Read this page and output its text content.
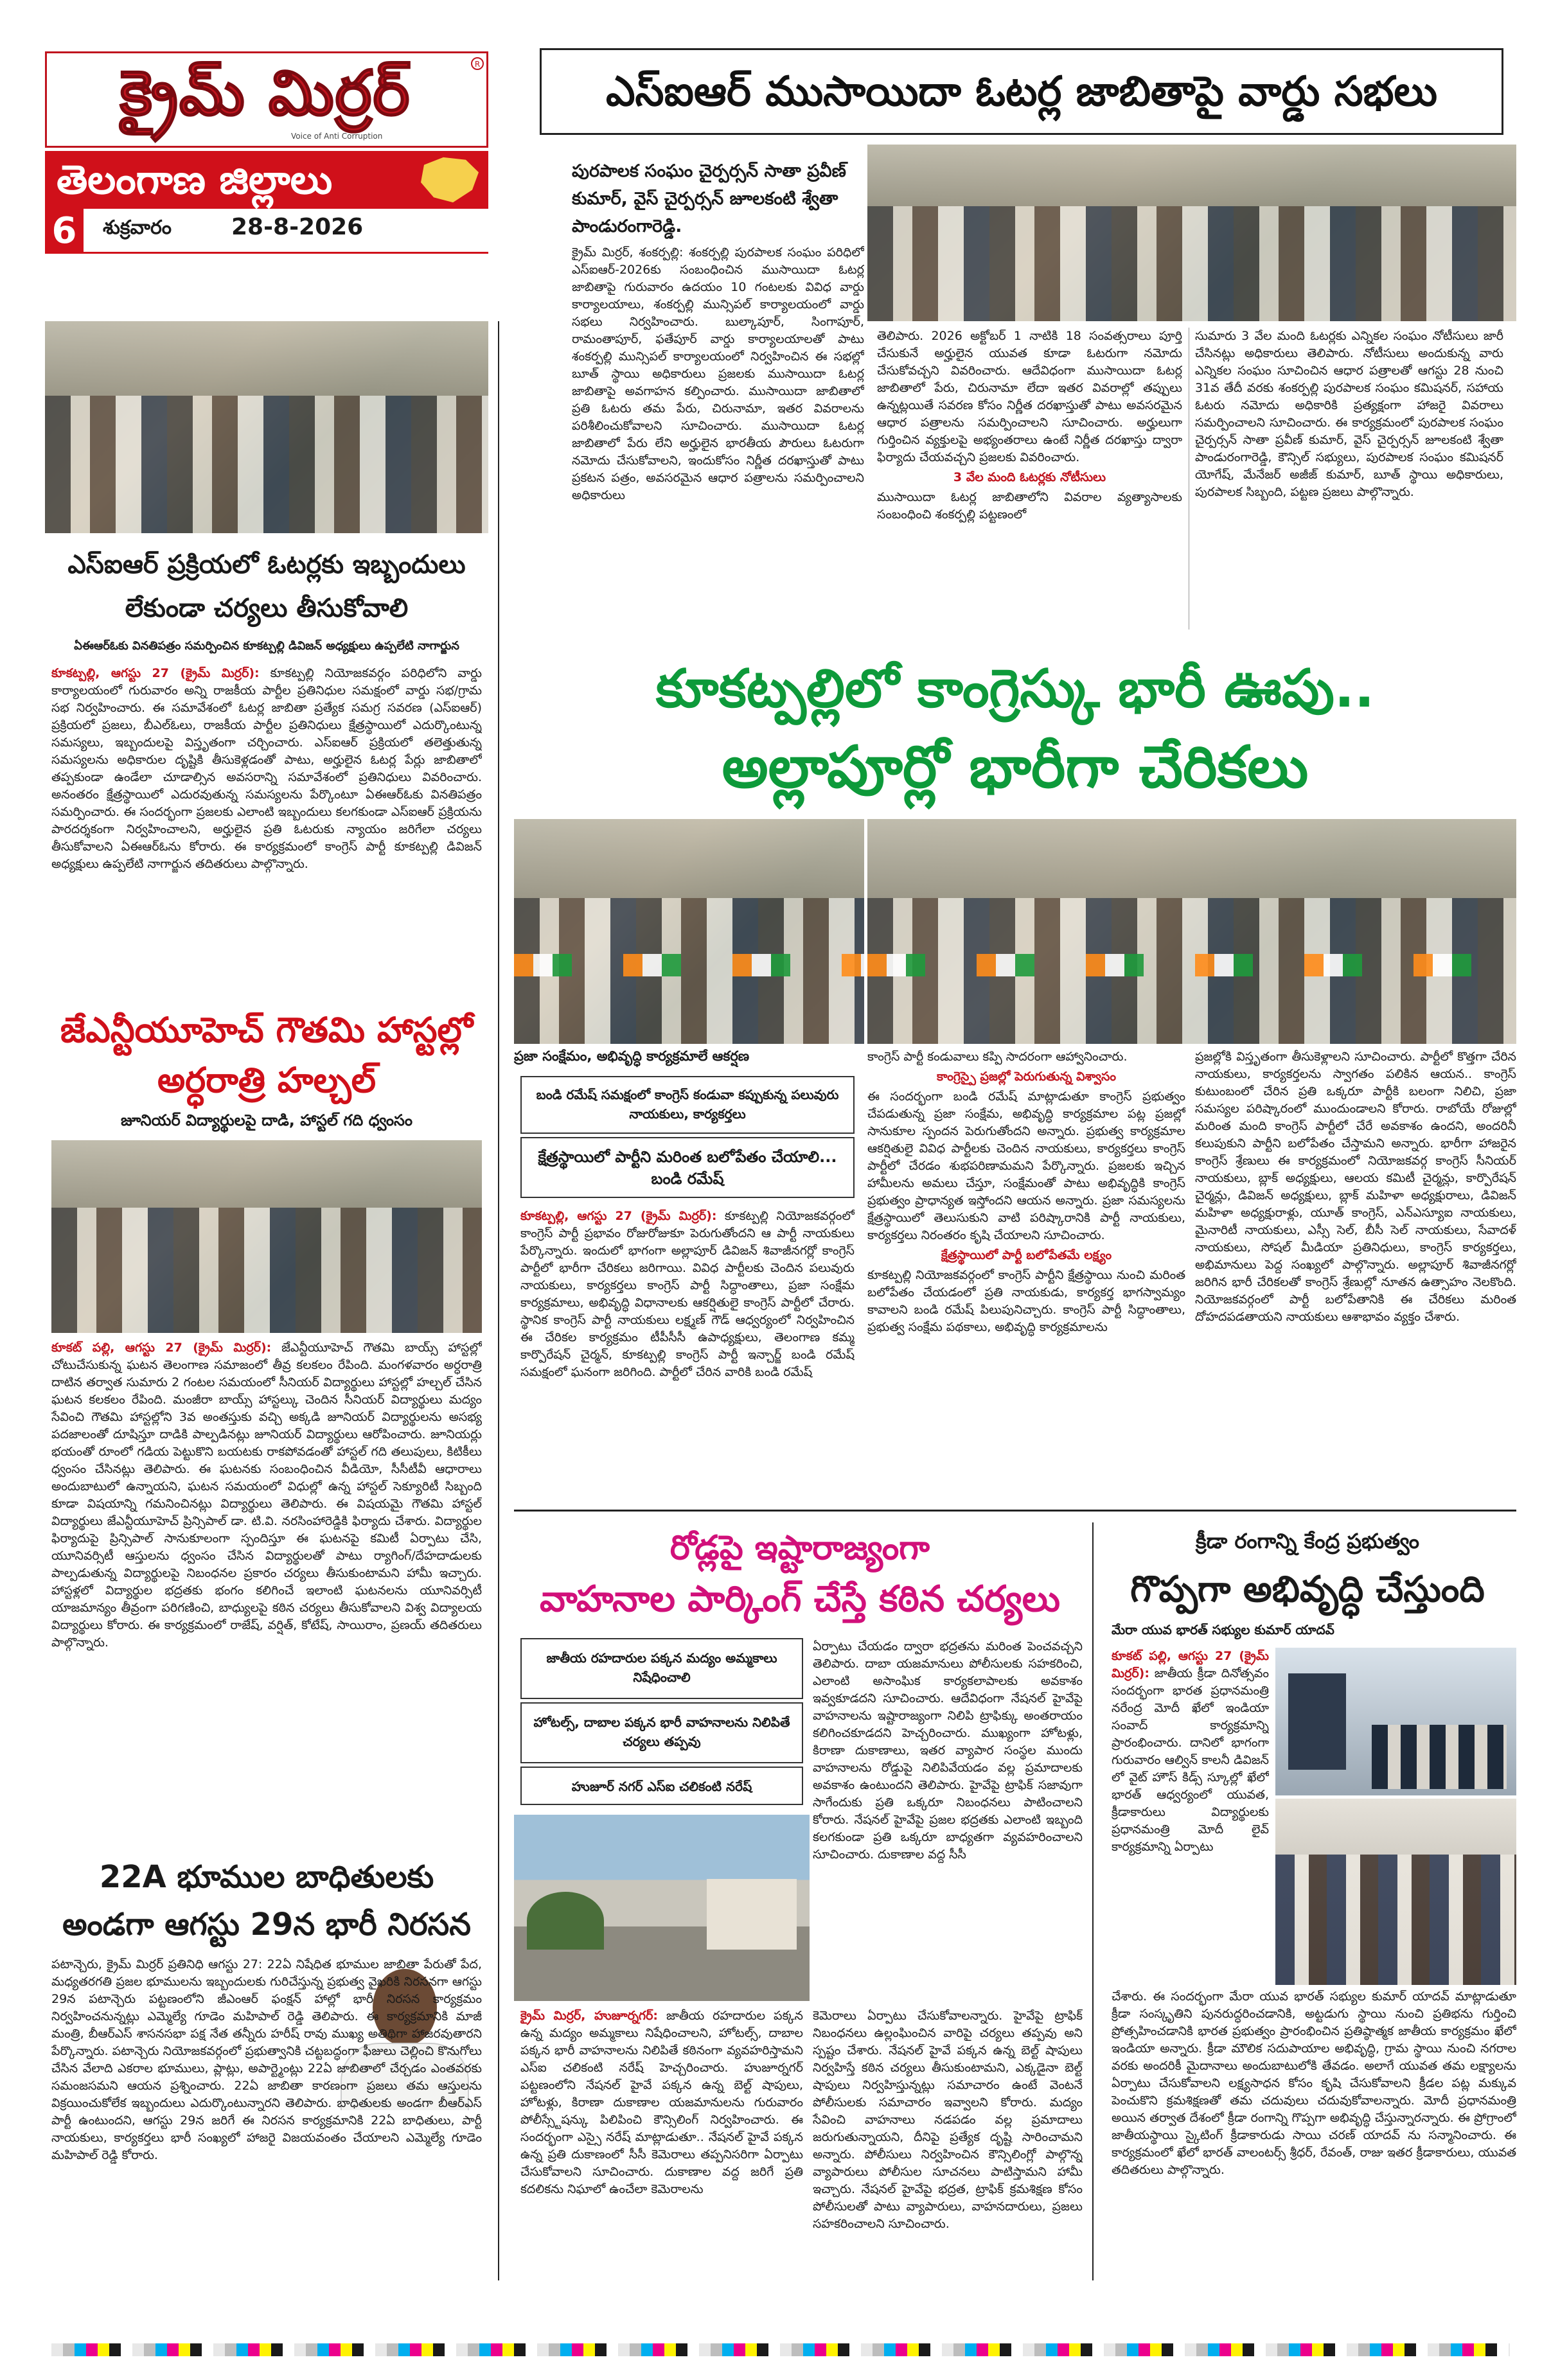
క్రైమ్ మిర్రర్	R
Voice of Anti Corruption
తెలంగాణ జిల్లాలు
6	శుక్రవారం	28-8-2026
ఎస్ఐఆర్ ముసాయిదా ఓటర్ల జాబితాపై వార్డు సభలు
పురపాలక సంఘం చైర్పర్సన్ సాతా ప్రవీణ్ కుమార్, వైస్ చైర్పర్సన్ జూలకంటి శ్వేతా పాండురంగారెడ్డి.
క్రైమ్ మిర్రర్, శంకర్పల్లి: శంకర్పల్లి పురపాలక సంఘం పరిధిలో ఎస్ఐఆర్-2026కు సంబంధించిన ముసాయిదా ఓటర్ల జాబితాపై గురువారం ఉదయం 10 గంటలకు వివిధ వార్డు కార్యాలయాలు, శంకర్పల్లి మున్సిపల్ కార్యాలయంలో వార్డు సభలు నిర్వహించారు. బుల్కాపూర్, సింగాపూర్, రామంతాపూర్, ఫతేపూర్ వార్డు కార్యాలయాలతో పాటు శంకర్పల్లి మున్సిపల్ కార్యాలయంలో నిర్వహించిన ఈ సభల్లో బూత్ స్థాయి అధికారులు ప్రజలకు ముసాయిదా ఓటర్ల జాబితాపై అవగాహన కల్పించారు. ముసాయిదా జాబితాలో ప్రతి ఓటరు తమ పేరు, చిరునామా, ఇతర వివరాలను పరిశీలించుకోవాలని సూచించారు. ముసాయిదా ఓటర్ల జాబితాలో పేరు లేని అర్హులైన భారతీయ పౌరులు ఓటరుగా నమోదు చేసుకోవాలని, ఇందుకోసం నిర్ణీత దరఖాస్తుతో పాటు ప్రకటన పత్రం, అవసరమైన ఆధార పత్రాలను సమర్పించాలని అధికారులు

తెలిపారు. 2026 అక్టోబర్ 1 నాటికి 18 సంవత్సరాలు పూర్తి చేసుకునే అర్హులైన యువత కూడా ఓటరుగా నమోదు చేసుకోవచ్చని వివరించారు. ఆదేవిధంగా ముసాయిదా ఓటర్ల జాబితాలో పేరు, చిరునామా లేదా ఇతర వివరాల్లో తప్పులు ఉన్నట్లయితే సవరణ కోసం నిర్ణీత దరఖాస్తుతో పాటు అవసరమైన ఆధార పత్రాలను సమర్పించాలని సూచించారు. అర్హులుగా గుర్తించిన వ్యక్తులపై అభ్యంతరాలు ఉంటే నిర్ణీత దరఖాస్తు ద్వారా ఫిర్యాదు చేయవచ్చని ప్రజలకు వివరించారు.

3 వేల మంది ఓటర్లకు నోటీసులు

ముసాయిదా ఓటర్ల జాబితాలోని వివరాల వ్యత్యాసాలకు సంబంధించి శంకర్పల్లి పట్టణంలో

సుమారు 3 వేల మంది ఓటర్లకు ఎన్నికల సంఘం నోటీసులు జారీ చేసినట్లు అధికారులు తెలిపారు. నోటీసులు అందుకున్న వారు ఎన్నికల సంఘం సూచించిన ఆధార పత్రాలతో ఆగస్టు 28 నుంచి 31వ తేదీ వరకు శంకర్పల్లి పురపాలక సంఘం కమిషనర్, సహాయ ఓటరు నమోదు అధికారికి ప్రత్యక్షంగా హాజరై వివరాలు సమర్పించాలని సూచించారు. ఈ కార్యక్రమంలో పురపాలక సంఘం చైర్పర్సన్ సాతా ప్రవీణ్ కుమార్, వైస్ చైర్పర్సన్ జూలకంటి శ్వేతా పాండురంగారెడ్డి, కౌన్సిల్ సభ్యులు, పురపాలక సంఘం కమిషనర్ యోగేష్, మేనేజర్ అజీజ్ కుమార్, బూత్ స్థాయి అధికారులు, పురపాలక సిబ్బంది, పట్టణ ప్రజలు పాల్గొన్నారు.
ఎస్ఐఆర్ ప్రక్రియలో ఓటర్లకు ఇబ్బందులు లేకుండా చర్యలు తీసుకోవాలి
ఏఈఆర్ఓకు వినతిపత్రం సమర్పించిన కూకట్పల్లి డివిజన్ అధ్యక్షులు ఉప్పలేటి నాగార్జున
కూకట్పల్లి, ఆగస్టు 27 (క్రైమ్ మిర్రర్): కూకట్పల్లి నియోజకవర్గం పరిధిలోని వార్డు కార్యాలయంలో గురువారం అన్ని రాజకీయ పార్టీల ప్రతినిధుల సమక్షంలో వార్డు సభ/గ్రామ సభ నిర్వహించారు. ఈ సమావేశంలో ఓటర్ల జాబితా ప్రత్యేక సమగ్ర సవరణ (ఎస్ఐఆర్) ప్రక్రియలో ప్రజలు, బీఎల్ఓలు, రాజకీయ పార్టీల ప్రతినిధులు క్షేత్రస్థాయిలో ఎదుర్కొంటున్న సమస్యలు, ఇబ్బందులపై విస్తృతంగా చర్చించారు. ఎస్ఐఆర్ ప్రక్రియలో తలెత్తుతున్న సమస్యలను అధికారుల దృష్టికి తీసుకెళ్లడంతో పాటు, అర్హులైన ఓటర్ల పేర్లు జాబితాలో తప్పకుండా ఉండేలా చూడాల్సిన అవసరాన్ని సమావేశంలో ప్రతినిధులు వివరించారు. అనంతరం క్షేత్రస్థాయిలో ఎదురవుతున్న సమస్యలను పేర్కొంటూ ఏఈఆర్ఓకు వినతిపత్రం సమర్పించారు. ఈ సందర్భంగా ప్రజలకు ఎలాంటి ఇబ్బందులు కలగకుండా ఎస్ఐఆర్ ప్రక్రియను పారదర్శకంగా నిర్వహించాలని, అర్హులైన ప్రతి ఓటరుకు న్యాయం జరిగేలా చర్యలు తీసుకోవాలని ఏఈఆర్ఓను కోరారు. ఈ కార్యక్రమంలో కాంగ్రెస్ పార్టీ కూకట్పల్లి డివిజన్ అధ్యక్షులు ఉప్పలేటి నాగార్జున తదితరులు పాల్గొన్నారు.
జేఎన్టీయూహెచ్ గౌతమి హాస్టల్లో అర్ధరాత్రి హల్చల్
జూనియర్ విద్యార్థులపై దాడి, హాస్టల్ గది ధ్వంసం
కూకట్ పల్లి, ఆగస్టు 27 (క్రైమ్ మిర్రర్): జేఎన్టీయూహెచ్ గౌతమి బాయ్స్ హాస్టల్లో చోటుచేసుకున్న ఘటన తెలంగాణ సమాజంలో తీవ్ర కలకలం రేపింది. మంగళవారం అర్ధరాత్రి దాటిన తర్వాత సుమారు 2 గంటల సమయంలో సీనియర్ విద్యార్థులు హాస్టల్లో హల్చల్ చేసిన ఘటన కలకలం రేపింది. మంజీరా బాయ్స్ హాస్టల్కు చెందిన సీనియర్ విద్యార్థులు మద్యం సేవించి గౌతమి హాస్టల్లోని 3వ అంతస్తుకు వచ్చి అక్కడి జూనియర్ విద్యార్థులను అసభ్య పదజాలంతో దూషిస్తూ దాడికి పాల్పడినట్లు జూనియర్ విద్యార్థులు ఆరోపించారు. జూనియర్లు భయంతో రూంలో గడియ పెట్టుకొని బయటకు రాకపోవడంతో హాస్టల్ గది తలుపులు, కిటికీలు ధ్వంసం చేసినట్లు తెలిపారు. ఈ ఘటనకు సంబంధించిన వీడియో, సీసీటీవీ ఆధారాలు అందుబాటులో ఉన్నాయని, ఘటన సమయంలో విధుల్లో ఉన్న హాస్టల్ సెక్యూరిటీ సిబ్బంది కూడా విషయాన్ని గమనించినట్లు విద్యార్థులు తెలిపారు. ఈ విషయమై గౌతమి హాస్టల్ విద్యార్థులు జేఎన్టీయూహెచ్ ప్రిన్సిపాల్ డా. టి.వి. నరసింహారెడ్డికి ఫిర్యాదు చేశారు. విద్యార్థుల ఫిర్యాదుపై ప్రిన్సిపాల్ సానుకూలంగా స్పందిస్తూ ఈ ఘటనపై కమిటీ ఏర్పాటు చేసి, యూనివర్సిటీ ఆస్తులను ధ్వంసం చేసిన విద్యార్థులతో పాటు ర్యాగింగ్/దేహదాడులకు పాల్పడుతున్న విద్యార్థులపై నిబంధనల ప్రకారం చర్యలు తీసుకుంటామని హామీ ఇచ్చారు. హాస్టళ్లలో విద్యార్థుల భద్రతకు భంగం కలిగించే ఇలాంటి ఘటనలను యూనివర్సిటీ యాజమాన్యం తీవ్రంగా పరిగణించి, బాధ్యులపై కఠిన చర్యలు తీసుకోవాలని విశ్వ విద్యాలయ విద్యార్థులు కోరారు. ఈ కార్యక్రమంలో రాజేష్, వర్షిత్, కోటేష్, సాయిరాం, ప్రణయ్ తదితరులు పాల్గొన్నారు.
22A భూముల బాధితులకు అండగా ఆగస్టు 29న భారీ నిరసన
పటాన్చెరు, క్రైమ్ మిర్రర్ ప్రతినిధి ఆగస్టు 27: 22ఏ నిషేధిత భూముల జాబితా పేరుతో పేద, మధ్యతరగతి ప్రజల భూములను ఇబ్బందులకు గురిచేస్తున్న ప్రభుత్వ వైఖరికి నిరసనగా ఆగస్టు 29న పటాన్చెరు పట్టణంలోని జీఎంఆర్ ఫంక్షన్ హాల్లో భారీ నిరసన కార్యక్రమం నిర్వహించనున్నట్లు ఎమ్మెల్యే గూడెం మహిపాల్ రెడ్డి తెలిపారు. ఈ కార్యక్రమానికి మాజీ మంత్రి, బీఆర్ఎస్ శాసనసభా పక్ష నేత తన్నీరు హరీష్ రావు ముఖ్య అతిథిగా హాజరవుతారని పేర్కొన్నారు. పటాన్చెరు నియోజకవర్గంలో ప్రభుత్వానికి చట్టబద్ధంగా ఫీజులు చెల్లించి కొనుగోలు చేసిన వేలాది ఎకరాల భూములు, ప్లాట్లు, అపార్ట్మెంట్లు 22ఏ జాబితాలో చేర్చడం ఎంతవరకు సమంజసమని ఆయన ప్రశ్నించారు. 22ఏ జాబితా కారణంగా ప్రజలు తమ ఆస్తులను విక్రయించుకోలేక ఇబ్బందులు ఎదుర్కొంటున్నారని తెలిపారు. బాధితులకు అండగా బీఆర్ఎస్ పార్టీ ఉంటుందని, ఆగస్టు 29న జరిగే ఈ నిరసన కార్యక్రమానికి 22ఏ బాధితులు, పార్టీ నాయకులు, కార్యకర్తలు భారీ సంఖ్యలో హాజరై విజయవంతం చేయాలని ఎమ్మెల్యే గూడెం మహిపాల్ రెడ్డి కోరారు.
కూకట్పల్లిలో కాంగ్రెస్కు భారీ ఊపు..
అల్లాపూర్లో భారీగా చేరికలు
ప్రజా సంక్షేమం, అభివృద్ధి కార్యక్రమాలే ఆకర్షణ
బండి రమేష్ సమక్షంలో కాంగ్రెస్ కండువా కప్పుకున్న పలువురు నాయకులు, కార్యకర్తలు
క్షేత్రస్థాయిలో పార్టీని మరింత బలోపేతం చేయాలి... బండి రమేష్
కూకట్పల్లి, ఆగస్టు 27 (క్రైమ్ మిర్రర్): కూకట్పల్లి నియోజకవర్గంలో కాంగ్రెస్ పార్టీ ప్రభావం రోజురోజుకూ పెరుగుతోందని ఆ పార్టీ నాయకులు పేర్కొన్నారు. ఇందులో భాగంగా అల్లాపూర్ డివిజన్ శివాజీనగర్లో కాంగ్రెస్ పార్టీలో భారీగా చేరికలు జరిగాయి. వివిధ పార్టీలకు చెందిన పలువురు నాయకులు, కార్యకర్తలు కాంగ్రెస్ పార్టీ సిద్ధాంతాలు, ప్రజా సంక్షేమ కార్యక్రమాలు, అభివృద్ధి విధానాలకు ఆకర్షితులై కాంగ్రెస్ పార్టీలో చేరారు. స్థానిక కాంగ్రెస్ పార్టీ నాయకులు లక్ష్మణ్ గౌడ్ ఆధ్వర్యంలో నిర్వహించిన ఈ చేరికల కార్యక్రమం టీపీసీసీ ఉపాధ్యక్షులు, తెలంగాణ కమ్మ కార్పొరేషన్ చైర్మన్, కూకట్పల్లి కాంగ్రెస్ పార్టీ ఇన్చార్జ్ బండి రమేష్ సమక్షంలో ఘనంగా జరిగింది. పార్టీలో చేరిన వారికి బండి రమేష్

కాంగ్రెస్ పార్టీ కండువాలు కప్పి సాదరంగా ఆహ్వానించారు.

కాంగ్రెస్పై ప్రజల్లో పెరుగుతున్న విశ్వాసం

ఈ సందర్భంగా బండి రమేష్ మాట్లాడుతూ కాంగ్రెస్ ప్రభుత్వం చేపడుతున్న ప్రజా సంక్షేమ, అభివృద్ధి కార్యక్రమాల పట్ల ప్రజల్లో సానుకూల స్పందన పెరుగుతోందని అన్నారు. ప్రభుత్వ కార్యక్రమాల ఆకర్షితులై వివిధ పార్టీలకు చెందిన నాయకులు, కార్యకర్తలు కాంగ్రెస్ పార్టీలో చేరడం శుభపరిణామమని పేర్కొన్నారు. ప్రజలకు ఇచ్చిన హామీలను అమలు చేస్తూ, సంక్షేమంతో పాటు అభివృద్ధికి కాంగ్రెస్ ప్రభుత్వం ప్రాధాన్యత ఇస్తోందని ఆయన అన్నారు. ప్రజా సమస్యలను క్షేత్రస్థాయిలో తెలుసుకుని వాటి పరిష్కారానికి పార్టీ నాయకులు, కార్యకర్తలు నిరంతరం కృషి చేయాలని సూచించారు.

క్షేత్రస్థాయిలో పార్టీ బలోపేతమే లక్ష్యం

కూకట్పల్లి నియోజకవర్గంలో కాంగ్రెస్ పార్టీని క్షేత్రస్థాయి నుంచి మరింత బలోపేతం చేయడంలో ప్రతి నాయకుడు, కార్యకర్త భాగస్వామ్యం కావాలని బండి రమేష్ పిలుపునిచ్చారు. కాంగ్రెస్ పార్టీ సిద్ధాంతాలు, ప్రభుత్వ సంక్షేమ పథకాలు, అభివృద్ధి కార్యక్రమాలను

ప్రజల్లోకి విస్తృతంగా తీసుకెళ్లాలని సూచించారు. పార్టీలో కొత్తగా చేరిన నాయకులు, కార్యకర్తలను స్వాగతం పలికిన ఆయన.. కాంగ్రెస్ కుటుంబంలో చేరిన ప్రతి ఒక్కరూ పార్టీకి బలంగా నిలిచి, ప్రజా సమస్యల పరిష్కారంలో ముందుండాలని కోరారు. రాబోయే రోజుల్లో మరింత మంది కాంగ్రెస్ పార్టీలో చేరే అవకాశం ఉందని, అందరినీ కలుపుకుని పార్టీని బలోపేతం చేస్తామని అన్నారు. భారీగా హాజరైన కాంగ్రెస్ శ్రేణులు ఈ కార్యక్రమంలో నియోజకవర్గ కాంగ్రెస్ సీనియర్ నాయకులు, బ్లాక్ అధ్యక్షులు, ఆలయ కమిటీ చైర్మన్లు, కార్పొరేషన్ చైర్మన్లు, డివిజన్ అధ్యక్షులు, బ్లాక్ మహిళా అధ్యక్షురాలు, డివిజన్ మహిళా అధ్యక్షురాళ్లు, యూత్ కాంగ్రెస్, ఎన్ఎస్యూఐ నాయకులు, మైనారిటీ నాయకులు, ఎస్సీ సెల్, బీసీ సెల్ నాయకులు, సేవాదళ్ నాయకులు, సోషల్ మీడియా ప్రతినిధులు, కాంగ్రెస్ కార్యకర్తలు, అభిమానులు పెద్ద సంఖ్యలో పాల్గొన్నారు. అల్లాపూర్ శివాజీనగర్లో జరిగిన భారీ చేరికలతో కాంగ్రెస్ శ్రేణుల్లో నూతన ఉత్సాహం నెలకొంది. నియోజకవర్గంలో పార్టీ బలోపేతానికి ఈ చేరికలు మరింత దోహదపడతాయని నాయకులు ఆశాభావం వ్యక్తం చేశారు.
రోడ్లపై ఇష్టారాజ్యంగా
వాహనాల పార్కింగ్ చేస్తే కఠిన చర్యలు
జాతీయ రహదారుల పక్కన మద్యం అమ్మకాలు నిషేధించాలి
హోటల్స్, దాబాల పక్కన భారీ వాహనాలను నిలిపితే చర్యలు తప్పవు
హుజూర్ నగర్ ఎస్ఐ చలికంటి నరేష్
ఏర్పాటు చేయడం ద్వారా భద్రతను మరింత పెంచవచ్చని తెలిపారు. దాబా యజమానులు పోలీసులకు సహకరించి, ఎలాంటి అసాంఘిక కార్యకలాపాలకు అవకాశం ఇవ్వకూడదని సూచించారు. ఆదేవిధంగా నేషనల్ హైవేపై వాహనాలను ఇష్టారాజ్యంగా నిలిపి ట్రాఫిక్కు అంతరాయం కలిగించకూడదని హెచ్చరించారు. ముఖ్యంగా హోటళ్లు, కిరాణా దుకాణాలు, ఇతర వ్యాపార సంస్థల ముందు వాహనాలను రోడ్డుపై నిలిపివేయడం వల్ల ప్రమాదాలకు అవకాశం ఉంటుందని తెలిపారు. హైవేపై ట్రాఫిక్ సజావుగా సాగేందుకు ప్రతి ఒక్కరూ నిబంధనలు పాటించాలని కోరారు. నేషనల్ హైవేపై ప్రజల భద్రతకు ఎలాంటి ఇబ్బంది కలగకుండా ప్రతి ఒక్కరూ బాధ్యతగా వ్యవహరించాలని సూచించారు. దుకాణాల వద్ద సీసీ
క్రైమ్ మిర్రర్, హుజూర్నగర్: జాతీయ రహదారుల పక్కన ఉన్న మద్యం అమ్మకాలు నిషేధించాలని, హోటల్స్, దాబాల పక్కన భారీ వాహనాలను నిలిపితే కఠినంగా వ్యవహరిస్తామని ఎస్ఐ చలికంటి నరేష్ హెచ్చరించారు. హుజూర్నగర్ పట్టణంలోని నేషనల్ హైవే పక్కన ఉన్న బెల్ట్ షాపులు, హోటళ్లు, కిరాణా దుకాణాల యజమానులను గురువారం పోలీస్స్టేషన్కు పిలిపించి కౌన్సిలింగ్ నిర్వహించారు. ఈ సందర్భంగా ఎస్సై నరేష్ మాట్లాడుతూ.. నేషనల్ హైవే పక్కన ఉన్న ప్రతి దుకాణంలో సీసీ కెమెరాలు తప్పనిసరిగా ఏర్పాటు చేసుకోవాలని సూచించారు. దుకాణాల వద్ద జరిగే ప్రతి కదలికను నిఘాలో ఉంచేలా కెమెరాలను
కెమెరాలు ఏర్పాటు చేసుకోవాలన్నారు. హైవేపై ట్రాఫిక్ నిబంధనలు ఉల్లంఘించిన వారిపై చర్యలు తప్పవు అని స్పష్టం చేశారు. నేషనల్ హైవే పక్కన ఉన్న బెల్ట్ షాపులు నిర్వహిస్తే కఠిన చర్యలు తీసుకుంటామని, ఎక్కడైనా బెల్ట్ షాపులు నిర్వహిస్తున్నట్లు సమాచారం ఉంటే వెంటనే పోలీసులకు సమాచారం ఇవ్వాలని కోరారు. మద్యం సేవించి వాహనాలు నడపడం వల్ల ప్రమాదాలు జరుగుతున్నాయని, దీనిపై ప్రత్యేక దృష్టి సారించామని అన్నారు. పోలీసులు నిర్వహించిన కౌన్సిలింగ్లో పాల్గొన్న వ్యాపారులు పోలీసుల సూచనలు పాటిస్తామని హామీ ఇచ్చారు. నేషనల్ హైవేపై భద్రత, ట్రాఫిక్ క్రమశిక్షణ కోసం పోలీసులతో పాటు వ్యాపారులు, వాహనదారులు, ప్రజలు సహకరించాలని సూచించారు.
క్రీడా రంగాన్ని కేంద్ర ప్రభుత్వం
గొప్పగా అభివృద్ధి చేస్తుంది
మేరా యువ భారత్ సభ్యుల కుమార్ యాదవ్
కూకట్ పల్లి, ఆగస్టు 27 (క్రైమ్ మిర్రర్): జాతీయ క్రీడా దినోత్సవం సందర్భంగా భారత ప్రధానమంత్రి నరేంద్ర మోదీ ఖేలో ఇండియా సంవాద్ కార్యక్రమాన్ని ప్రారంభించారు. దానిలో భాగంగా గురువారం ఆల్విన్ కాలనీ డివిజన్ లో వైట్ హౌస్ కిడ్స్ స్కూల్లో ఖేలో భారత్ ఆధ్వర్యంలో యువత, క్రీడాకారులు విద్యార్థులకు ప్రధానమంత్రి మోదీ లైవ్ కార్యక్రమాన్ని ఏర్పాటు
చేశారు. ఈ సందర్భంగా మేరా యువ భారత్ సభ్యుల కుమార్ యాదవ్ మాట్లాడుతూ క్రీడా సంస్కృతిని పునరుద్ధరించడానికి, అట్టడుగు స్థాయి నుంచి ప్రతిభను గుర్తించి ప్రోత్సహించడానికి భారత ప్రభుత్వం ప్రారంభించిన ప్రతిష్ఠాత్మక జాతీయ కార్యక్రమం ఖేలో ఇండియా అన్నారు. క్రీడా మౌలిక సదుపాయాల అభివృద్ధి, గ్రామ స్థాయి నుంచి నగరాల వరకు అందరికీ మైదానాలు అందుబాటులోకి తేవడం. అలాగే యువత తమ లక్ష్యాలను ఏర్పాటు చేసుకోవాలని లక్ష్యసాధన కోసం కృషి చేసుకోవాలని క్రీడల పట్ల మక్కువ పెంచుకొని క్రమశిక్షణతో తమ చదువులు చదువుకోవాలన్నారు. మోదీ ప్రధానమంత్రి అయిన తర్వాత దేశంలో క్రీడా రంగాన్ని గొప్పగా అభివృద్ధి చేస్తున్నారన్నారు. ఈ ప్రోగ్రాంలో జాతీయస్థాయి స్కైటింగ్ క్రీడాకారుడు సాయి చరణ్ యాదవ్ ను సన్మానించారు. ఈ కార్యక్రమంలో ఖేలో భారత్ వాలంటర్స్ శ్రీధర్, రేవంత్, రాజు ఇతర క్రీడాకారులు, యువత తదితరులు పాల్గొన్నారు.
